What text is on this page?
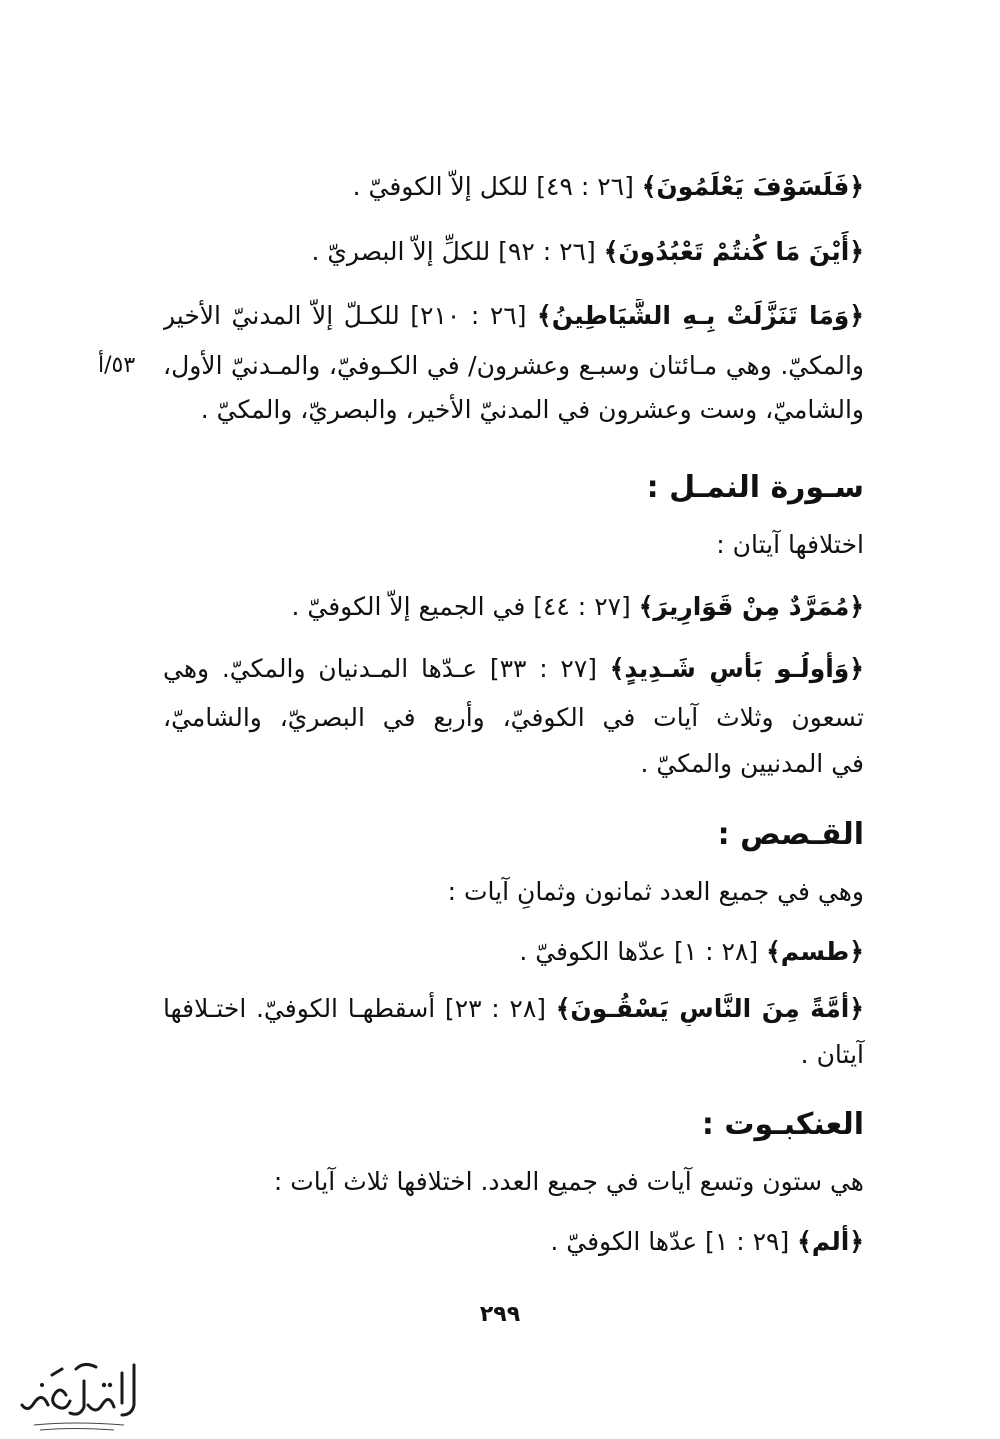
﴿فَلَسَوْفَ يَعْلَمُونَ﴾ [٢٦ : ٤٩] للكل إلاّ الكوفيّ .
﴿أَيْنَ مَا كُنتُمْ تَعْبُدُونَ﴾ [٢٦ : ٩٢] للكلِّ إلاّ البصريّ .
﴿وَمَا تَنَزَّلَتْ بِـهِ الشَّيَاطِينُ﴾ [٢٦ : ٢١٠] للكـلّ إلاّ المدنيّ الأخير
والمكيّ. وهي مـائتان وسبـع وعشرون/ في الكـوفيّ، والمـدنيّ الأول،
٥٣/أ
والشاميّ، وست وعشرون في المدنيّ الأخير، والبصريّ، والمكيّ .
سـورة النمـل :
اختلافها آيتان :
﴿مُمَرَّدٌ مِنْ قَوَارِيرَ﴾ [٢٧ : ٤٤] في الجميع إلاّ الكوفيّ .
﴿وَأُولُـو بَأْسٍ شَـدِيدٍ﴾ [٢٧ : ٣٣] عـدّها المـدنيان والمكيّ. وهي
تسعون وثلاث آيات في الكوفيّ، وأربع في البصريّ، والشاميّ،
في المدنيين والمكيّ .
القـصص :
وهي في جميع العدد ثمانون وثمانِ آيات :
﴿طسم﴾ [٢٨ : ١] عدّها الكوفيّ .
﴿أُمَّةً مِنَ النَّاسِ يَسْقُـونَ﴾ [٢٨ : ٢٣] أسقطهـا الكوفيّ. اختـلافها
آيتان .
العنكبـوت :
هي ستون وتسع آيات في جميع العدد. اختلافها ثلاث آيات :
﴿ألم﴾ [٢٩ : ١] عدّها الكوفيّ .
٢٩٩
